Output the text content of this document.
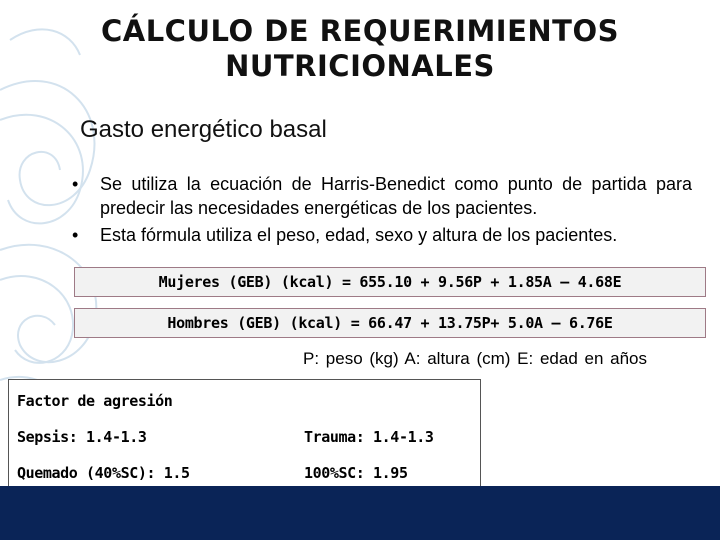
CÁLCULO DE REQUERIMIENTOS NUTRICIONALES
Gasto energético basal
• Se utiliza la ecuación de Harris-Benedict como punto de partida para predecir las necesidades energéticas de los pacientes.
• Esta fórmula utiliza el peso, edad, sexo y altura de los pacientes.
Mujeres (GEB) (kcal) = 655.10 + 9.56P + 1.85A – 4.68E
Hombres (GEB) (kcal) = 66.47 + 13.75P+ 5.0A – 6.76E
P: peso (kg) A: altura (cm) E: edad en años
Factor de agresión
Sepsis: 1.4-1.3	Trauma: 1.4-1.3
Quemado (40%SC): 1.5	100%SC: 1.95
